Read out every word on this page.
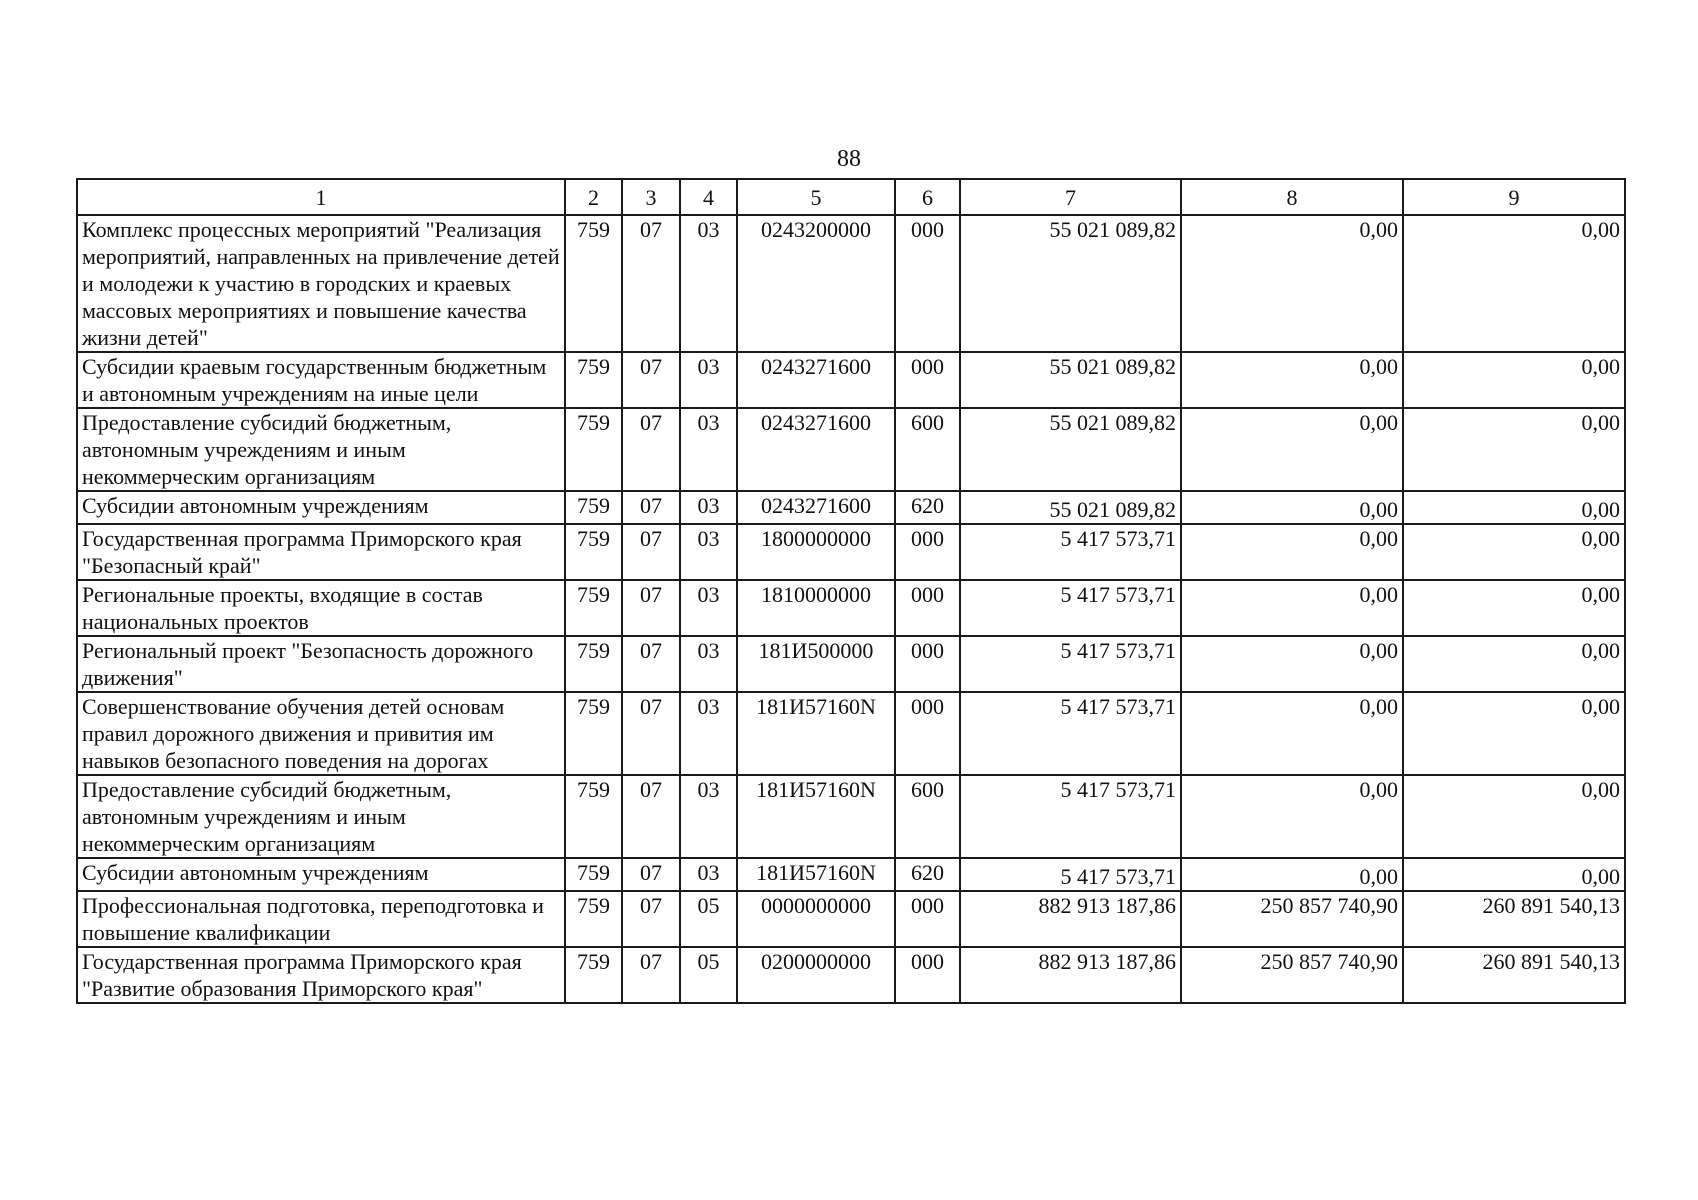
88
1	2	3	4	5	6	7	8	9
Комплекс процессных мероприятий "Реализация мероприятий, направленных на привлечение детей и молодежи к участию в городских и краевых массовых мероприятиях и повышение качества жизни детей"	759	07	03	0243200000	000	55 021 089,82	0,00	0,00
Субсидии краевым государственным бюджетным и автономным учреждениям на иные цели	759	07	03	0243271600	000	55 021 089,82	0,00	0,00
Предоставление субсидий бюджетным, автономным учреждениям и иным некоммерческим организациям	759	07	03	0243271600	600	55 021 089,82	0,00	0,00
Субсидии автономным учреждениям	759	07	03	0243271600	620	55 021 089,82	0,00	0,00
Государственная программа Приморского края "Безопасный край"	759	07	03	1800000000	000	5 417 573,71	0,00	0,00
Региональные проекты, входящие в состав национальных проектов	759	07	03	1810000000	000	5 417 573,71	0,00	0,00
Региональный проект "Безопасность дорожного движения"	759	07	03	181И500000	000	5 417 573,71	0,00	0,00
Совершенствование обучения детей основам правил дорожного движения и привития им навыков безопасного поведения на дорогах	759	07	03	181И57160N	000	5 417 573,71	0,00	0,00
Предоставление субсидий бюджетным, автономным учреждениям и иным некоммерческим организациям	759	07	03	181И57160N	600	5 417 573,71	0,00	0,00
Субсидии автономным учреждениям	759	07	03	181И57160N	620	5 417 573,71	0,00	0,00
Профессиональная подготовка, переподготовка и повышение квалификации	759	07	05	0000000000	000	882 913 187,86	250 857 740,90	260 891 540,13
Государственная программа Приморского края "Развитие образования Приморского края"	759	07	05	0200000000	000	882 913 187,86	250 857 740,90	260 891 540,13
